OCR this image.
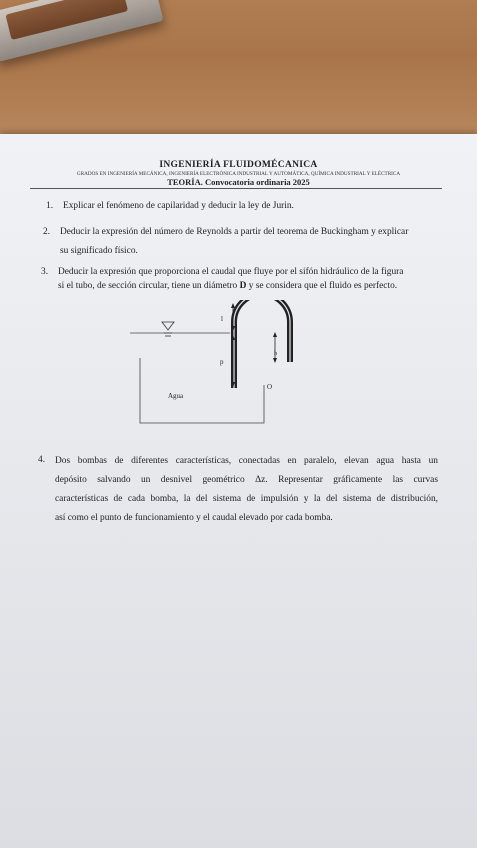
INGENIERÍA FLUIDOMÉCANICA
GRADOS EN INGENIERÍA MECÁNICA, INGENIERÍA ELECTRÓNICA INDUSTRIAL Y AUTOMÁTICA, QUÍMICA INDUSTRIAL Y ELÉCTRICA
TEORÍA. Convocatoria ordinaria 2025
1. Explicar el fenómeno de capilaridad y deducir la ley de Jurin.
2. Deducir la expresión del número de Reynolds a partir del teorema de Buckingham y explicar
su significado físico.
3. Deducir la expresión que proporciona el caudal que fluye por el sifón hidráulico de la figura
si el tubo, de sección circular, tiene un diámetro D y se considera que el fluido es perfecto.
l
p
h
O
Agua
4. Dos bombas de diferentes características, conectadas en paralelo, elevan agua hasta un
depósito salvando un desnivel geométrico Δz. Representar gráficamente las curvas
características de cada bomba, la del sistema de impulsión y la del sistema de distribución,
así como el punto de funcionamiento y el caudal elevado por cada bomba.
